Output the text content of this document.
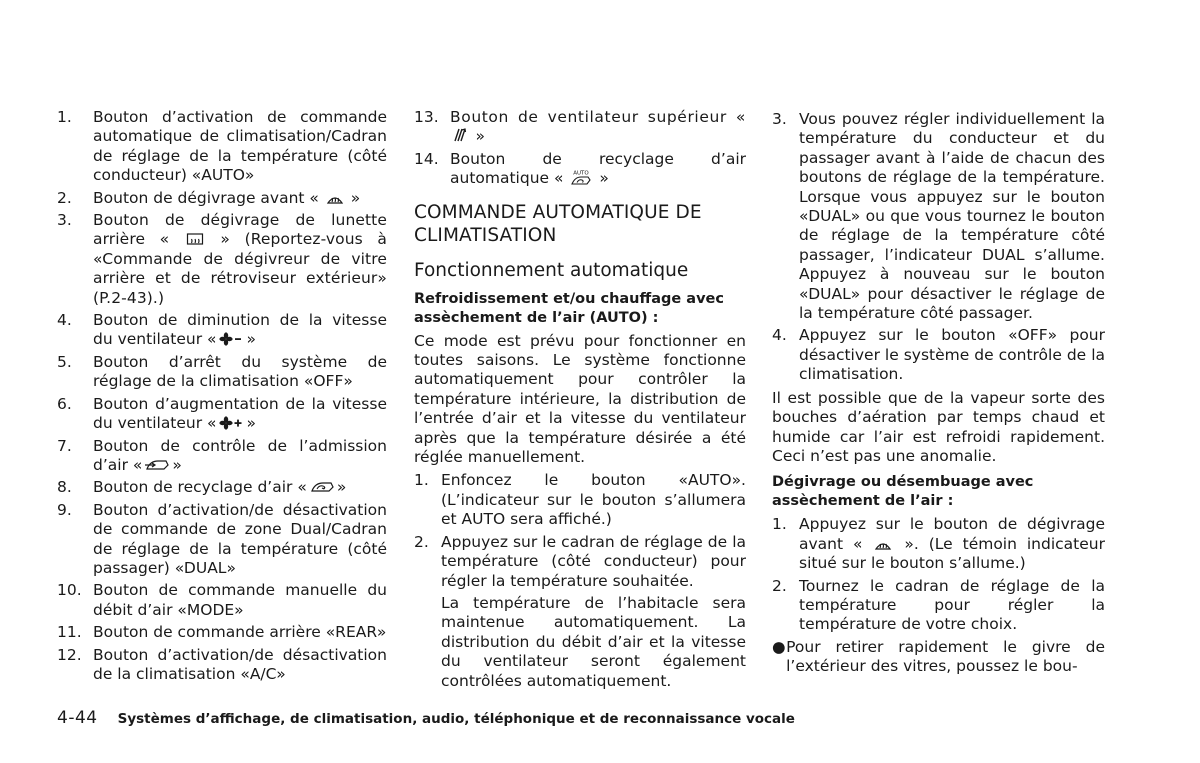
1.	Bouton d’activation de commande automatique de climatisation/Cadran de réglage de la température (côté conducteur) «AUTO»
2.	Bouton de dégivrage avant «
»
3.	Bouton de dégivrage de lunette arrière «
» (Reportez-vous à «Commande de dégivreur de vitre arrière et de rétroviseur extérieur» (P.2-43).)
4.	Bouton de diminution de la vitesse du ventilateur « »
5.	Bouton d’arrêt du système de réglage de la climatisation «OFF»
6.	Bouton d’augmentation de la vitesse du ventilateur « »
7.	Bouton de contrôle de l’admission d’air « »
8.	Bouton de recyclage d’air « »
9.	Bouton d’activation/de désactivation de commande de zone Dual/Cadran de réglage de la température (côté passager) «DUAL»
10. Bouton de commande manuelle du débit d’air «MODE»
11. Bouton de commande arrière «REAR»
12. Bouton d’activation/de désactivation de la climatisation «A/C»
13. Bouton de ventilateur supérieur «
»
14. Bouton de recyclage d’air automatique « AUTO »
COMMANDE AUTOMATIQUE DE CLIMATISATION
Fonctionnement automatique
Refroidissement et/ou chauffage avec assèchement de l’air (AUTO) :

Ce mode est prévu pour fonctionner en toutes saisons. Le système fonctionne automatiquement pour contrôler la température intérieure, la distribution de l’entrée d’air et la vitesse du ventilateur après que la température désirée a été réglée manuellement.

1. Enfoncez le bouton «AUTO». (L’indicateur sur le bouton s’allumera et AUTO sera affiché.)
2. Appuyez sur le cadran de réglage de la température (côté conducteur) pour régler la température souhaitée.
La température de l’habitacle sera maintenue automatiquement. La distribution du débit d’air et la vitesse du ventilateur seront également contrôlées automatiquement.
3. Vous pouvez régler individuellement la température du conducteur et du passager avant à l’aide de chacun des boutons de réglage de la température. Lorsque vous appuyez sur le bouton «DUAL» ou que vous tournez le bouton de réglage de la température côté passager, l’indicateur DUAL s’allume. Appuyez à nouveau sur le bouton «DUAL» pour désactiver le réglage de la température côté passager.
4. Appuyez sur le bouton «OFF» pour désactiver le système de contrôle de la climatisation.

Il est possible que de la vapeur sorte des bouches d’aération par temps chaud et humide car l’air est refroidi rapidement. Ceci n’est pas une anomalie.

Dégivrage ou désembuage avec assèchement de l’air :
1. Appuyez sur le bouton de dégivrage avant «
». (Le témoin indicateur situé sur le bouton s’allume.)
2. Tournez le cadran de réglage de la température pour régler la température de votre choix.
● Pour retirer rapidement le givre de l’extérieur des vitres, poussez le bou-
4-44 Systèmes d’affichage, de climatisation, audio, téléphonique et de reconnaissance vocale
